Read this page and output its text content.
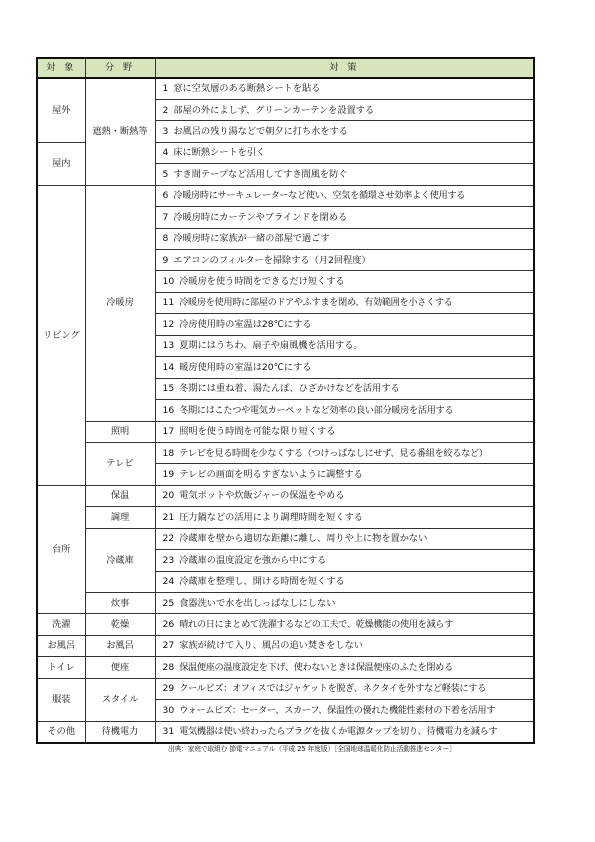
対 象	分 野	対 策
屋外	遮熱・断熱等	1 窓に空気層のある断熱シートを貼る
		2 部屋の外によしず、グリーンカーテンを設置する
		3 お風呂の残り湯などで朝夕に打ち水をする
屋内		4 床に断熱シートを引く
		5 すき間テープなど活用してすき間風を防ぐ
リビング	冷暖房	6 冷暖房時にサーキュレーターなど使い、空気を循環させ効率よく使用する
		7 冷暖房時にカーテンやブラインドを閉める
		8 冷暖房時に家族が一緒の部屋で過ごす
		9 エアコンのフィルターを掃除する（月2回程度）
		10 冷暖房を使う時間をできるだけ短くする
		11 冷暖房を使用時に部屋のドアやふすまを閉め、有効範囲を小さくする
		12 冷房使用時の室温は28℃にする
		13 夏期にはうちわ、扇子や扇風機を活用する。
		14 暖房使用時の室温は20℃にする
		15 冬期には重ね着、湯たんぽ、ひざかけなどを活用する
		16 冬期にはこたつや電気カーペットなど効率の良い部分暖房を活用する
	照明	17 照明を使う時間を可能な限り短くする
	テレビ	18 テレビを見る時間を少なくする（つけっぱなしにせず、見る番組を絞るなど）
		19 テレビの画面を明るすぎないように調整する
台所	保温	20 電気ポットや炊飯ジャーの保温をやめる
	調理	21 圧力鍋などの活用により調理時間を短くする
	冷蔵庫	22 冷蔵庫を壁から適切な距離に離し、周りや上に物を置かない
		23 冷蔵庫の温度設定を強から中にする
		24 冷蔵庫を整理し、開ける時間を短くする
	炊事	25 食器洗いで水を出しっぱなしにしない
洗濯	乾燥	26 晴れの日にまとめて洗濯するなどの工夫で、乾燥機能の使用を減らす
お風呂	お風呂	27 家族が続けて入り、風呂の追い焚きをしない
トイレ	便座	28 保温便座の温度設定を下げ、使わないときは保温便座のふたを閉める
服装	スタイル	29 クールビズ：オフィスではジャケットを脱ぎ、ネクタイを外すなど軽装にする
		30 ウォームビズ：セーター、スカーフ、保温性の優れた機能性素材の下着を活用す
その他	待機電力	31 電気機器は使い終わったらプラグを抜くか電源タップを切り、待機電力を減らす
出典：家庭で取組む 節電マニュアル（平成 25 年度版）［全国地球温暖化防止活動推進センター］
